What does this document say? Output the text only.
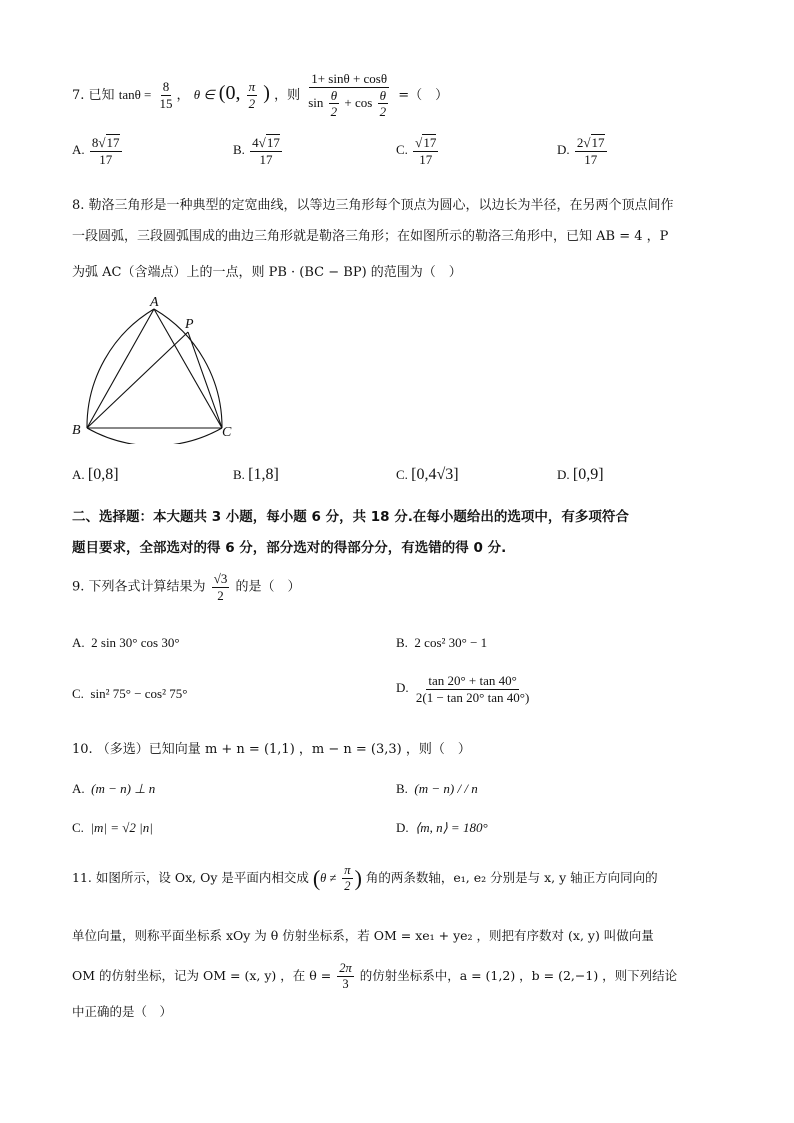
7. 已知 $\tan\theta = \frac{8}{15}$ ， θ ∈ (0, $\frac{\pi}{2}$ ) ，则 $\frac{1+ \sin\theta + \cos\theta}{\sin \frac{\theta}{2} + \cos \frac{\theta}{2}}$ =（　）
A. $\frac{8√17}{17}$	B. $\frac{4√17}{17}$	C. $\frac{√17}{17}$	D. $\frac{2√17}{17}$
8. 勒洛三角形是一种典型的定宽曲线，以等边三角形每个顶点为圆心，以边长为半径，在另两个顶点间作
一段圆弧，三段圆弧围成的曲边三角形就是勒洛三角形；在如图所示的勒洛三角形中，已知 AB = 4 ，P
为弧 AC（含端点）上的一点，则 PB · (BC − BP) 的范围为（　）
A
P
B	C
A. [0,8]	B. [1,8]	C. [0,4√3]	D. [0,9]
二、选择题：本大题共 3 小题，每小题 6 分，共 18 分.在每小题给出的选项中，有多项符合
题目要求，全部选对的得 6 分，部分选对的得部分分，有选错的得 0 分.
9. 下列各式计算结果为 $\frac{√3}{2}$ 的是（　）
A. 2 sin 30° cos 30°	B. 2 cos² 30° − 1
C. sin² 75° − cos² 75°	D. $\frac{\tan 20^\circ + \tan 40^\circ}{2(1 - \tan 20^\circ \tan 40^\circ)}$
10. （多选）已知向量 m + n = (1,1) ，m − n = (3,3) ，则（　）
A. (m − n) ⊥ n	B. (m − n) / / n
C. |m| = √2 |n|	D. ⟨m, n⟩ = 180°
11. 如图所示，设 Ox, Oy 是平面内相交成 ($\theta \ne \frac{\pi}{2}$ ) 角的两条数轴，e₁, e₂ 分别是与 x, y 轴正方向同向的
单位向量，则称平面坐标系 xOy 为 θ 仿射坐标系，若 OM = xe₁ + ye₂ ，则把有序数对 (x, y) 叫做向量
OM 的仿射坐标，记为 OM = (x, y) ，在 $\theta = \frac{2\pi}{3}$ 的仿射坐标系中，a = (1,2) ，b = (2,−1) ，则下列结论
中正确的是（　）
